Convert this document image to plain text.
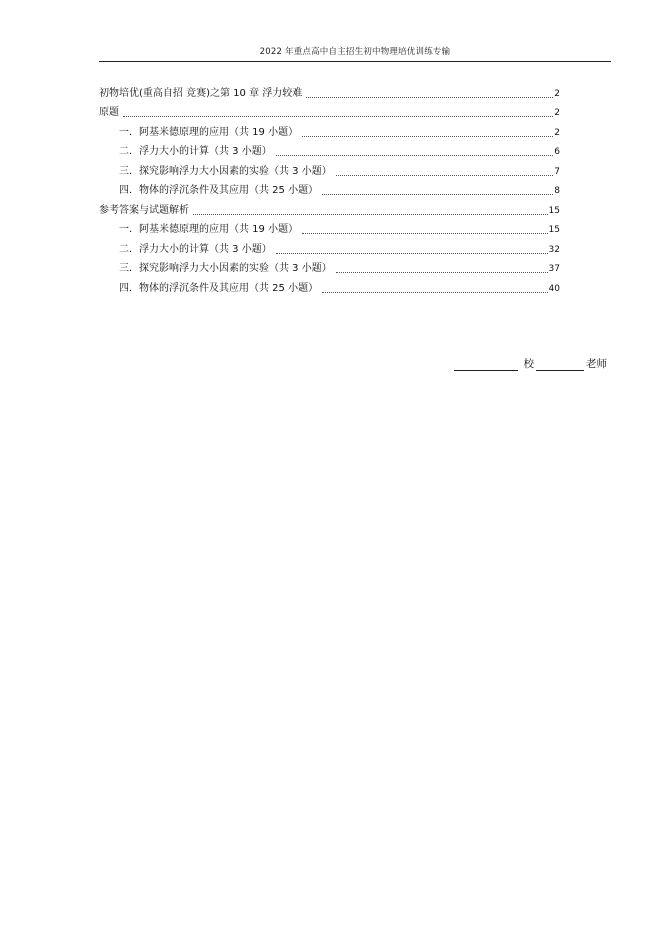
2022 年重点高中自主招生初中物理培优训练专输
初物培优(重高自招 竞赛)之第 10 章 浮力较难	2
原题	2
一．阿基米德原理的应用（共 19 小题）	2
二．浮力大小的计算（共 3 小题）	6
三．探究影响浮力大小因素的实验（共 3 小题）	7
四．物体的浮沉条件及其应用（共 25 小题）	8
参考答案与试题解析	15
一．阿基米德原理的应用（共 19 小题）	15
二．浮力大小的计算（共 3 小题）	32
三．探究影响浮力大小因素的实验（共 3 小题）	37
四．物体的浮沉条件及其应用（共 25 小题）	40
校	老师
